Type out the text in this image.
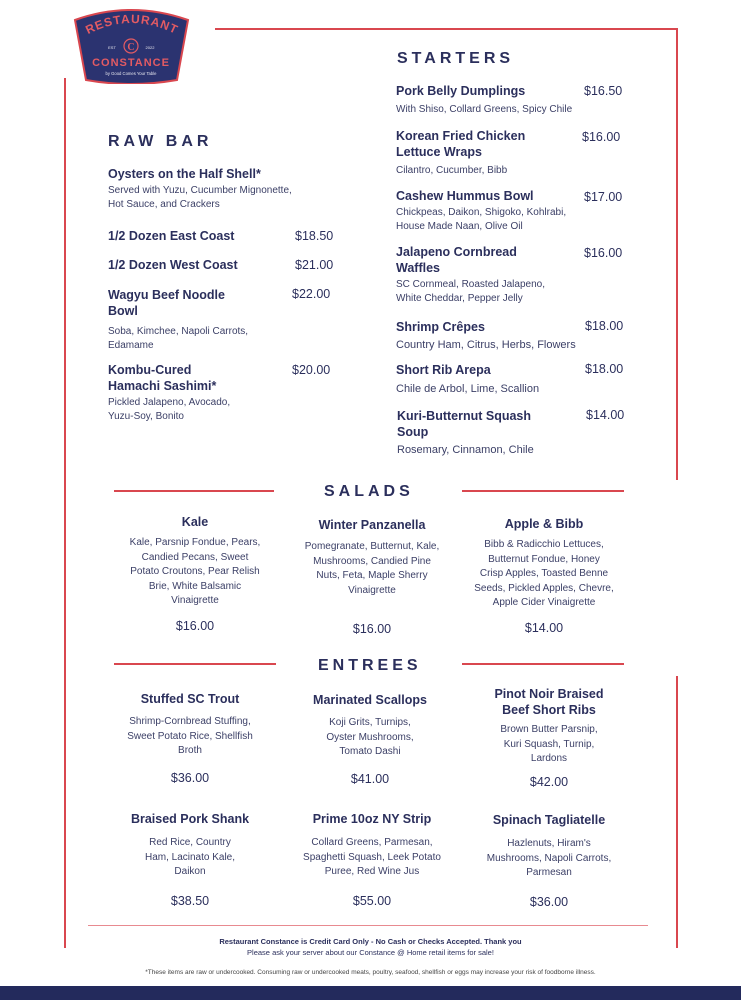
RESTAURANT
C
EST	2022
CONSTANCE
by Good Comes Your Table
RAW BAR
Oysters on the Half Shell*
Served with Yuzu, Cucumber Mignonette,
Hot Sauce, and Crackers
1/2 Dozen East Coast	$18.50
1/2 Dozen West Coast	$21.00
Wagyu Beef Noodle
Bowl
Soba, Kimchee, Napoli Carrots,
Edamame
$22.00
Kombu-Cured
Hamachi Sashimi*
Pickled Jalapeno, Avocado,
Yuzu-Soy, Bonito
$20.00
STARTERS
Pork Belly Dumplings
With Shiso, Collard Greens, Spicy Chile
$16.50
Korean Fried Chicken
Lettuce Wraps
Cilantro, Cucumber, Bibb
$16.00
Cashew Hummus Bowl
Chickpeas, Daikon, Shigoko, Kohlrabi,
House Made Naan, Olive Oil
$17.00
Jalapeno Cornbread
Waffles
SC Cornmeal, Roasted Jalapeno,
White Cheddar, Pepper Jelly
$16.00
Shrimp Crêpes
Country Ham, Citrus, Herbs, Flowers
$18.00
Short Rib Arepa
Chile de Arbol, Lime, Scallion
$18.00
Kuri-Butternut Squash
Soup
Rosemary, Cinnamon, Chile
$14.00
SALADS
Kale
Kale, Parsnip Fondue, Pears,
Candied Pecans, Sweet
Potato Croutons, Pear Relish
Brie, White Balsamic
Vinaigrette
$16.00
Winter Panzanella
Pomegranate, Butternut, Kale,
Mushrooms, Candied Pine
Nuts, Feta, Maple Sherry
Vinaigrette
$16.00
Apple & Bibb
Bibb & Radicchio Lettuces,
Butternut Fondue, Honey
Crisp Apples, Toasted Benne
Seeds, Pickled Apples, Chevre,
Apple Cider Vinaigrette
$14.00
ENTREES
Stuffed SC Trout
Shrimp-Cornbread Stuffing,
Sweet Potato Rice, Shellfish
Broth
$36.00
Marinated Scallops
Koji Grits, Turnips,
Oyster Mushrooms,
Tomato Dashi
$41.00
Pinot Noir Braised
Beef Short Ribs
Brown Butter Parsnip,
Kuri Squash, Turnip,
Lardons
$42.00
Braised Pork Shank
Red Rice, Country
Ham, Lacinato Kale,
Daikon
$38.50
Prime 10oz NY Strip
Collard Greens, Parmesan,
Spaghetti Squash, Leek Potato
Puree, Red Wine Jus
$55.00
Spinach Tagliatelle
Hazlenuts, Hiram's
Mushrooms, Napoli Carrots,
Parmesan
$36.00
Restaurant Constance is Credit Card Only - No Cash or Checks Accepted. Thank you
Please ask your server about our Constance @ Home retail items for sale!
*These items are raw or undercooked. Consuming raw or undercooked meats, poultry, seafood, shellfish or eggs may increase your risk of foodborne illness.
